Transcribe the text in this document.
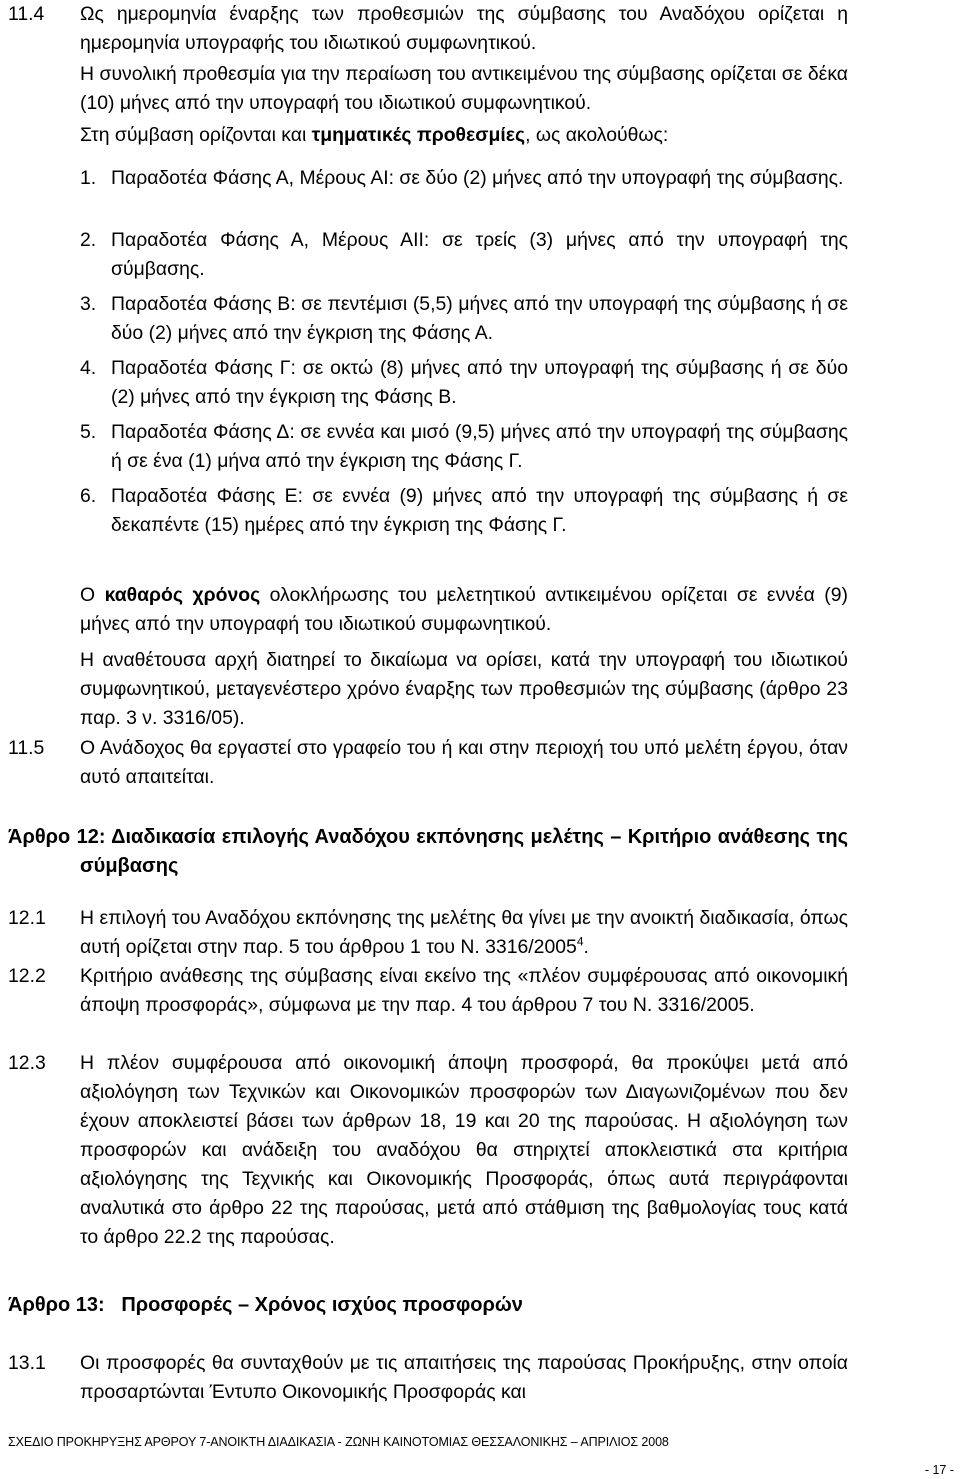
11.4 Ως ημερομηνία έναρξης των προθεσμιών της σύμβασης του Αναδόχου ορίζεται η ημερομηνία υπογραφής του ιδιωτικού συμφωνητικού.

Η συνολική προθεσμία για την περαίωση του αντικειμένου της σύμβασης ορίζεται σε δέκα (10) μήνες από την υπογραφή του ιδιωτικού συμφωνητικού.

Στη σύμβαση ορίζονται και τμηματικές προθεσμίες, ως ακολούθως:

1. Παραδοτέα Φάσης Α, Μέρους ΑΙ: σε δύο (2) μήνες από την υπογραφή της σύμβασης.

2. Παραδοτέα Φάσης Α, Μέρους ΑΙΙ: σε τρείς (3) μήνες από την υπογραφή της σύμβασης.

3. Παραδοτέα Φάσης Β: σε πεντέμισι (5,5) μήνες από την υπογραφή της σύμβασης ή σε δύο (2) μήνες από την έγκριση της Φάσης Α.

4. Παραδοτέα Φάσης Γ: σε οκτώ (8) μήνες από την υπογραφή της σύμβασης ή σε δύο (2) μήνες από την έγκριση της Φάσης Β.

5. Παραδοτέα Φάσης Δ: σε εννέα και μισό (9,5) μήνες από την υπογραφή της σύμβασης ή σε ένα (1) μήνα από την έγκριση της Φάσης Γ.

6. Παραδοτέα Φάσης Ε: σε εννέα (9) μήνες από την υπογραφή της σύμβασης ή σε δεκαπέντε (15) ημέρες από την έγκριση της Φάσης Γ.

Ο καθαρός χρόνος ολοκλήρωσης του μελετητικού αντικειμένου ορίζεται σε εννέα (9) μήνες από την υπογραφή του ιδιωτικού συμφωνητικού.

Η αναθέτουσα αρχή διατηρεί το δικαίωμα να ορίσει, κατά την υπογραφή του ιδιωτικού συμφωνητικού, μεταγενέστερο χρόνο έναρξης των προθεσμιών της σύμβασης (άρθρο 23 παρ. 3 ν. 3316/05).

11.5 Ο Ανάδοχος θα εργαστεί στο γραφείο του ή και στην περιοχή του υπό μελέτη έργου, όταν αυτό απαιτείται.

Άρθρο 12: Διαδικασία επιλογής Αναδόχου εκπόνησης μελέτης – Κριτήριο ανάθεσης της σύμβασης
12.1 Η επιλογή του Αναδόχου εκπόνησης της μελέτης θα γίνει με την ανοικτή διαδικασία, όπως αυτή ορίζεται στην παρ. 5 του άρθρου 1 του Ν. 3316/2005$^4$.

12.2 Κριτήριο ανάθεσης της σύμβασης είναι εκείνο της «πλέον συμφέρουσας από οικονομική άποψη προσφοράς», σύμφωνα με την παρ. 4 του άρθρου 7 του Ν. 3316/2005.

12.3 Η πλέον συμφέρουσα από οικονομική άποψη προσφορά, θα προκύψει μετά από αξιολόγηση των Τεχνικών και Οικονομικών προσφορών των Διαγωνιζομένων που δεν έχουν αποκλειστεί βάσει των άρθρων 18, 19 και 20 της παρούσας. Η αξιολόγηση των προσφορών και ανάδειξη του αναδόχου θα στηριχτεί αποκλειστικά στα κριτήρια αξιολόγησης της Τεχνικής και Οικονομικής Προσφοράς, όπως αυτά περιγράφονται αναλυτικά στο άρθρο 22 της παρούσας, μετά από στάθμιση της βαθμολογίας τους κατά το άρθρο 22.2 της παρούσας.

Άρθρο 13:   Προσφορές – Χρόνος ισχύος προσφορών
13.1 Οι προσφορές θα συνταχθούν με τις απαιτήσεις της παρούσας Προκήρυξης, στην οποία προσαρτώνται Έντυπο Οικονομικής Προσφοράς και

ΣΧΕΔΙΟ ΠΡΟΚΗΡΥΞΗΣ ΑΡΘΡΟΥ 7-ΑΝΟΙΚΤΗ ΔΙΑΔΙΚΑΣΙΑ - ΖΩΝΗ ΚΑΙΝΟΤΟΜΙΑΣ ΘΕΣΣΑΛΟΝΙΚΗΣ – ΑΠΡΙΛΙΟΣ 2008
- 17 -
